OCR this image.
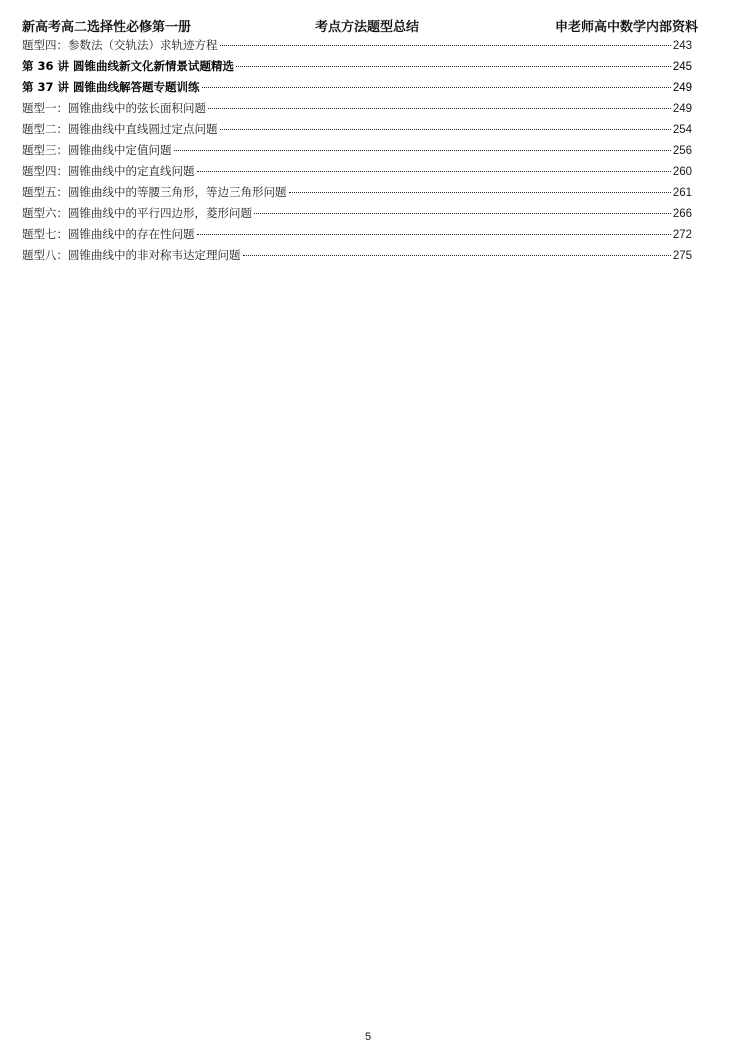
新高考高二选择性必修第一册	考点方法题型总结	申老师高中数学内部资料
题型四：参数法（交轨法）求轨迹方程	243
第 36 讲 圆锥曲线新文化新情景试题精选	245
第 37 讲 圆锥曲线解答题专题训练	249
题型一：圆锥曲线中的弦长面积问题	249
题型二：圆锥曲线中直线圆过定点问题	254
题型三：圆锥曲线中定值问题	256
题型四：圆锥曲线中的定直线问题	260
题型五：圆锥曲线中的等腰三角形，等边三角形问题	261
题型六：圆锥曲线中的平行四边形，菱形问题	266
题型七：圆锥曲线中的存在性问题	272
题型八：圆锥曲线中的非对称韦达定理问题	275
5
